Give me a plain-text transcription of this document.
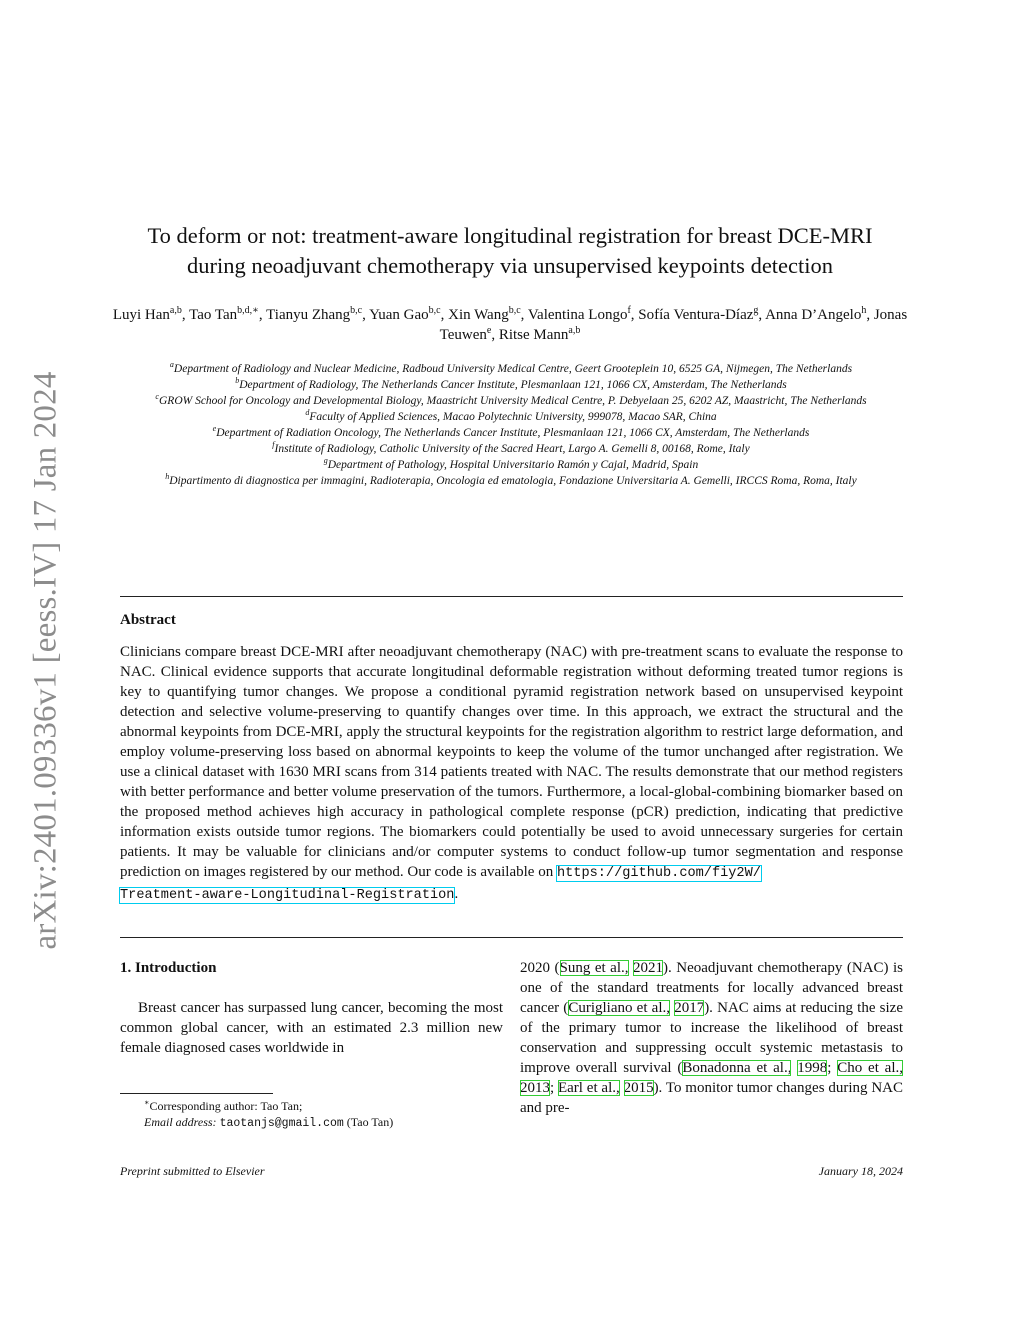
arXiv:2401.09336v1 [eess.IV] 17 Jan 2024
To deform or not: treatment-aware longitudinal registration for breast DCE-MRI
during neoadjuvant chemotherapy via unsupervised keypoints detection
Luyi Han$^{a,b}$, Tao Tan$^{b,d,∗}$, Tianyu Zhang$^{b,c}$, Yuan Gao$^{b,c}$, Xin Wang$^{b,c}$, Valentina Longo$^f$, Sofía Ventura-Díaz$^g$, Anna D’Angelo$^h$, Jonas Teuwen$^e$, Ritse Mann$^{a,b}$

$^a$Department of Radiology and Nuclear Medicine, Radboud University Medical Centre, Geert Grooteplein 10, 6525 GA, Nijmegen, The Netherlands

$^b$Department of Radiology, The Netherlands Cancer Institute, Plesmanlaan 121, 1066 CX, Amsterdam, The Netherlands

$^c$GROW School for Oncology and Developmental Biology, Maastricht University Medical Centre, P. Debyelaan 25, 6202 AZ, Maastricht, The Netherlands

$^d$Faculty of Applied Sciences, Macao Polytechnic University, 999078, Macao SAR, China

$^e$Department of Radiation Oncology, The Netherlands Cancer Institute, Plesmanlaan 121, 1066 CX, Amsterdam, The Netherlands

$^f$Institute of Radiology, Catholic University of the Sacred Heart, Largo A. Gemelli 8, 00168, Rome, Italy

$^g$Department of Pathology, Hospital Universitario Ramón y Cajal, Madrid, Spain

$^h$Dipartimento di diagnostica per immagini, Radioterapia, Oncologia ed ematologia, Fondazione Universitaria A. Gemelli, IRCCS Roma, Roma, Italy

Abstract

Clinicians compare breast DCE-MRI after neoadjuvant chemotherapy (NAC) with pre-treatment scans to evaluate the response to NAC. Clinical evidence supports that accurate longitudinal deformable registration without deforming treated tumor regions is key to quantifying tumor changes. We propose a conditional pyramid registration network based on unsupervised keypoint detection and selective volume-preserving to quantify changes over time. In this approach, we extract the structural and the abnormal keypoints from DCE-MRI, apply the structural keypoints for the registration algorithm to restrict large deformation, and employ volume-preserving loss based on abnormal keypoints to keep the volume of the tumor unchanged after registration. We use a clinical dataset with 1630 MRI scans from 314 patients treated with NAC. The results demonstrate that our method registers with better performance and better volume preservation of the tumors. Furthermore, a local-global-combining biomarker based on the proposed method achieves high accuracy in pathological complete response (pCR) prediction, indicating that predictive information exists outside tumor regions. The biomarkers could potentially be used to avoid unnecessary surgeries for certain patients. It may be valuable for clinicians and/or computer systems to conduct follow-up tumor segmentation and response prediction on images registered by our method. Our code is available on https://github.com/fiy2W/
Treatment-aware-Longitudinal-Registration.

1. Introduction

Breast cancer has surpassed lung cancer, becoming the most common global cancer, with an estimated 2.3 million new female diagnosed cases worldwide in

2020 (Sung et al., 2021). Neoadjuvant chemotherapy (NAC) is one of the standard treatments for locally advanced breast cancer (Curigliano et al., 2017). NAC aims at reducing the size of the primary tumor to increase the likelihood of breast conservation and suppressing occult systemic metastasis to improve overall survival (Bonadonna et al., 1998; Cho et al., 2013; Earl et al., 2015). To monitor tumor changes during NAC and pre-

∗Corresponding author: Tao Tan;

Email address: taotanjs@gmail.com (Tao Tan)

Preprint submitted to Elsevier	January 18, 2024
